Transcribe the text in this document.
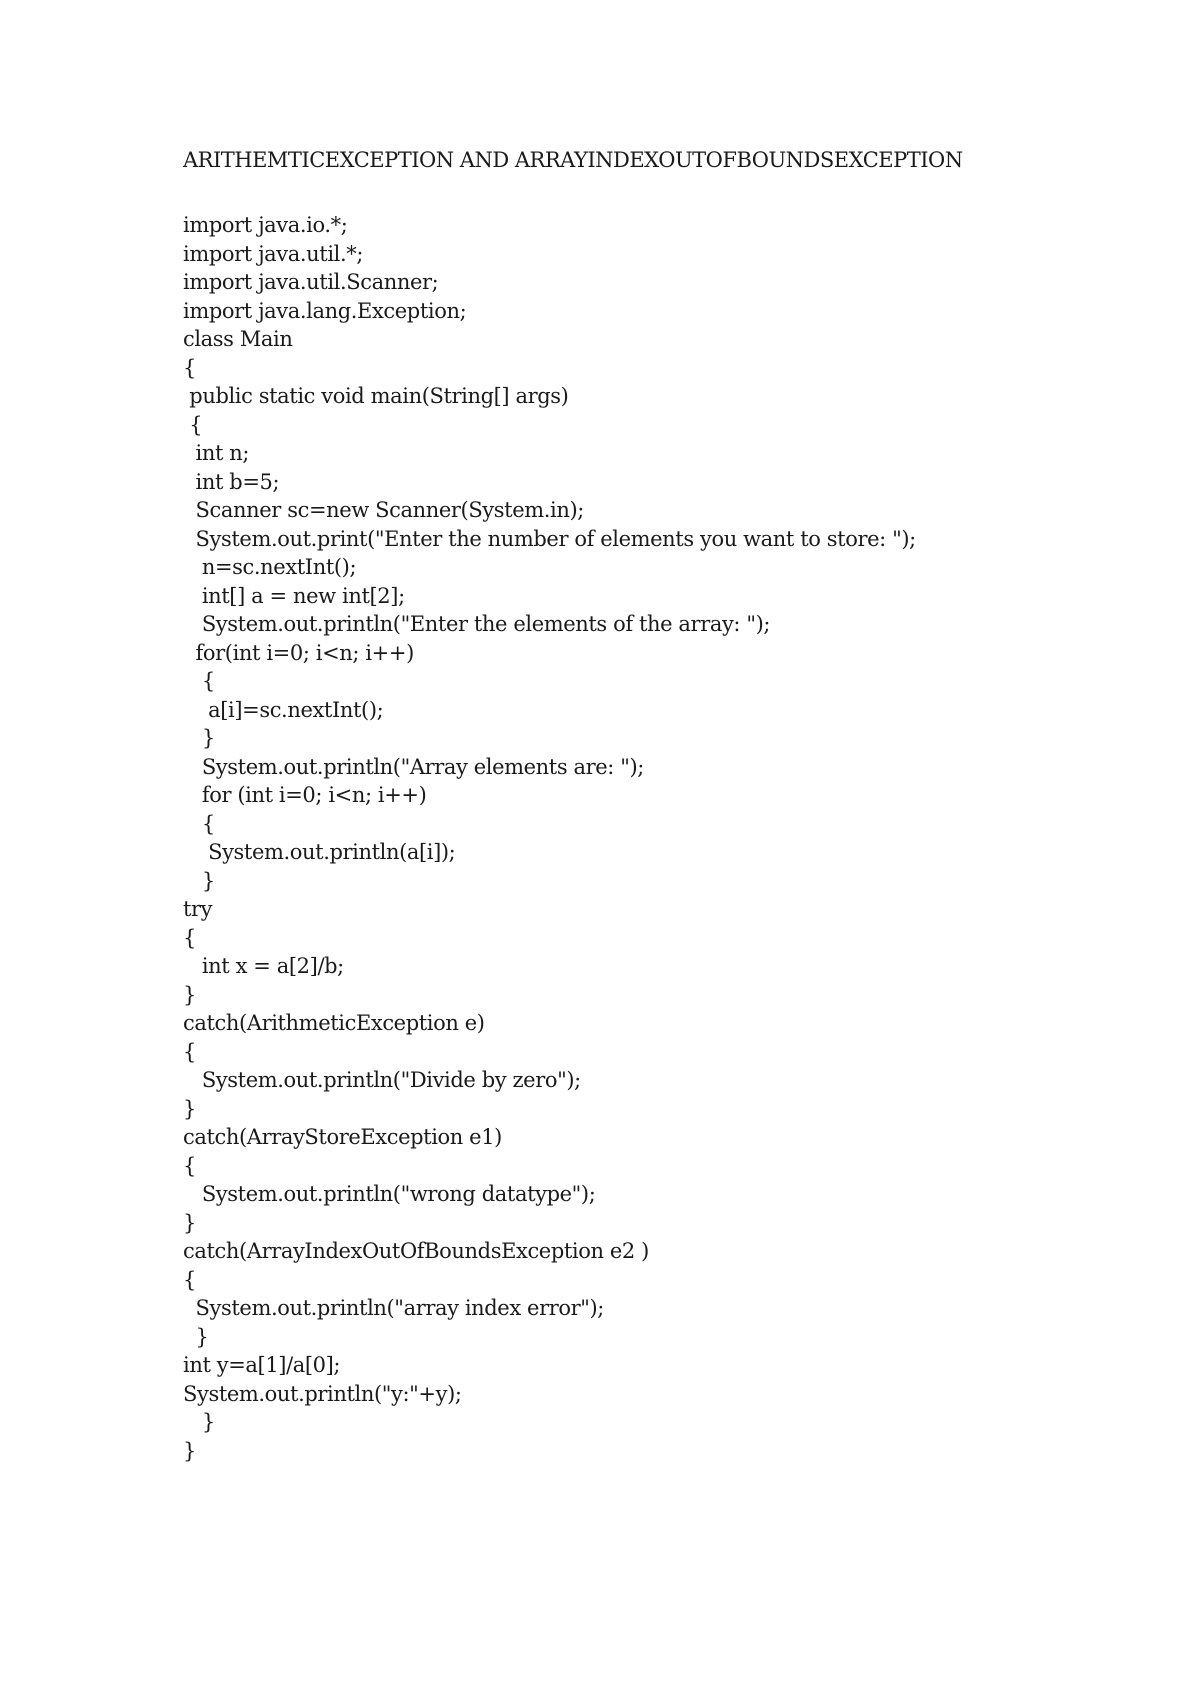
ARITHEMTICEXCEPTION AND ARRAYINDEXOUTOFBOUNDSEXCEPTION
import java.io.*;
import java.util.*;
import java.util.Scanner;
import java.lang.Exception;
class Main
{
public static void main(String[] args)
{
int n;
int b=5;
Scanner sc=new Scanner(System.in);
System.out.print("Enter the number of elements you want to store: ");
n=sc.nextInt();
int[] a = new int[2];
System.out.println("Enter the elements of the array: ");
for(int i=0; i<n; i++)
{
a[i]=sc.nextInt();
}
System.out.println("Array elements are: ");
for (int i=0; i<n; i++)
{
System.out.println(a[i]);
}
try
{
int x = a[2]/b;
}
catch(ArithmeticException e)
{
System.out.println("Divide by zero");
}
catch(ArrayStoreException e1)
{
System.out.println("wrong datatype");
}
catch(ArrayIndexOutOfBoundsException e2 )
{
System.out.println("array index error");
}
int y=a[1]/a[0];
System.out.println("y:"+y);
}
}
